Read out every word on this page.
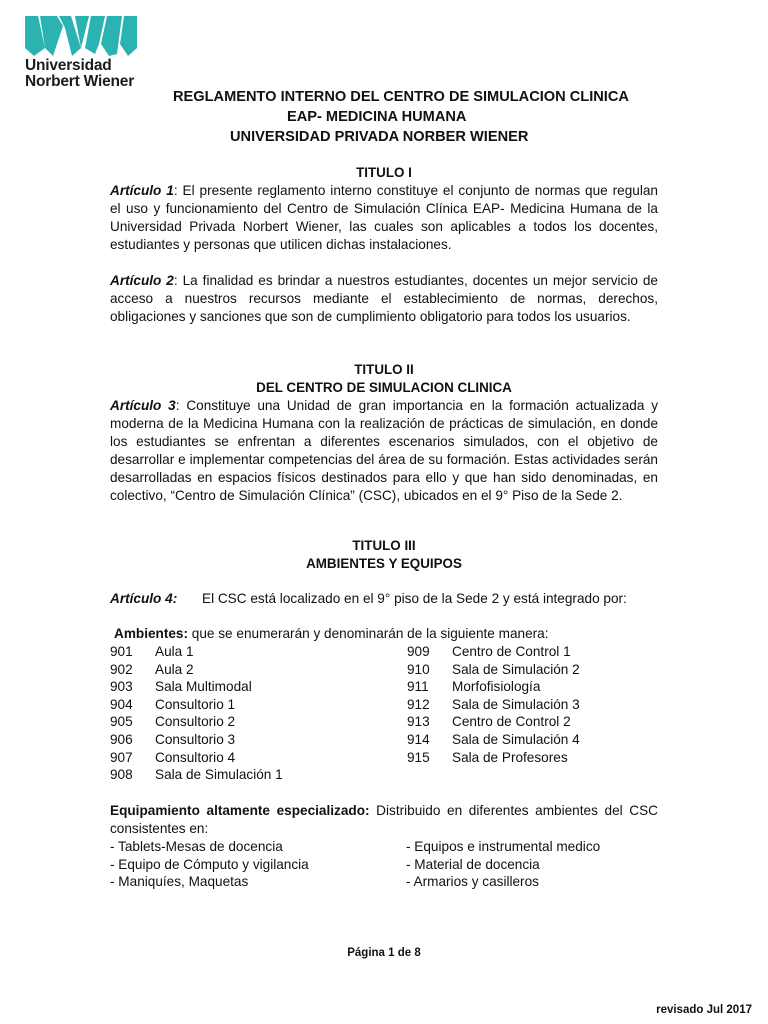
Universidad
Norbert Wiener
REGLAMENTO INTERNO DEL CENTRO DE SIMULACION CLINICA
EAP- MEDICINA HUMANA
UNIVERSIDAD PRIVADA NORBER WIENER
TITULO I
Artículo 1: El presente reglamento interno constituye el conjunto de normas que regulan el uso y funcionamiento del Centro de Simulación Clínica EAP- Medicina Humana de la Universidad Privada Norbert Wiener, las cuales son aplicables a todos los docentes, estudiantes y personas que utilicen dichas instalaciones.
Artículo 2: La finalidad es brindar a nuestros estudiantes, docentes un mejor servicio de acceso a nuestros recursos mediante el establecimiento de normas, derechos, obligaciones y sanciones que son de cumplimiento obligatorio para todos los usuarios.
TITULO II
DEL CENTRO DE SIMULACION CLINICA
Artículo 3: Constituye una Unidad de gran importancia en la formación actualizada y moderna de la Medicina Humana con la realización de prácticas de simulación, en donde los estudiantes se enfrentan a diferentes escenarios simulados, con el objetivo de desarrollar e implementar competencias del área de su formación. Estas actividades serán desarrolladas en espacios físicos destinados para ello y que han sido denominadas, en colectivo, “Centro de Simulación Clínica” (CSC), ubicados en el 9° Piso de la Sede 2.
TITULO III
AMBIENTES Y EQUIPOS
Artículo 4: El CSC está localizado en el 9° piso de la Sede 2 y está integrado por:
Ambientes: que se enumerarán y denominarán de la siguiente manera:
901 Aula 1
902 Aula 2
903 Sala Multimodal
904 Consultorio 1
905 Consultorio 2
906 Consultorio 3
907 Consultorio 4
908 Sala de Simulación 1
909 Centro de Control 1
910 Sala de Simulación 2
911 Morfofisiología
912 Sala de Simulación 3
913 Centro de Control 2
914 Sala de Simulación 4
915 Sala de Profesores
Equipamiento altamente especializado: Distribuido en diferentes ambientes del CSC consistentes en:
- Tablets-Mesas de docencia	- Equipos e instrumental medico
- Equipo de Cómputo y vigilancia	- Material de docencia
- Maniquíes, Maquetas	- Armarios y casilleros
Página 1 de 8
revisado Jul 2017
